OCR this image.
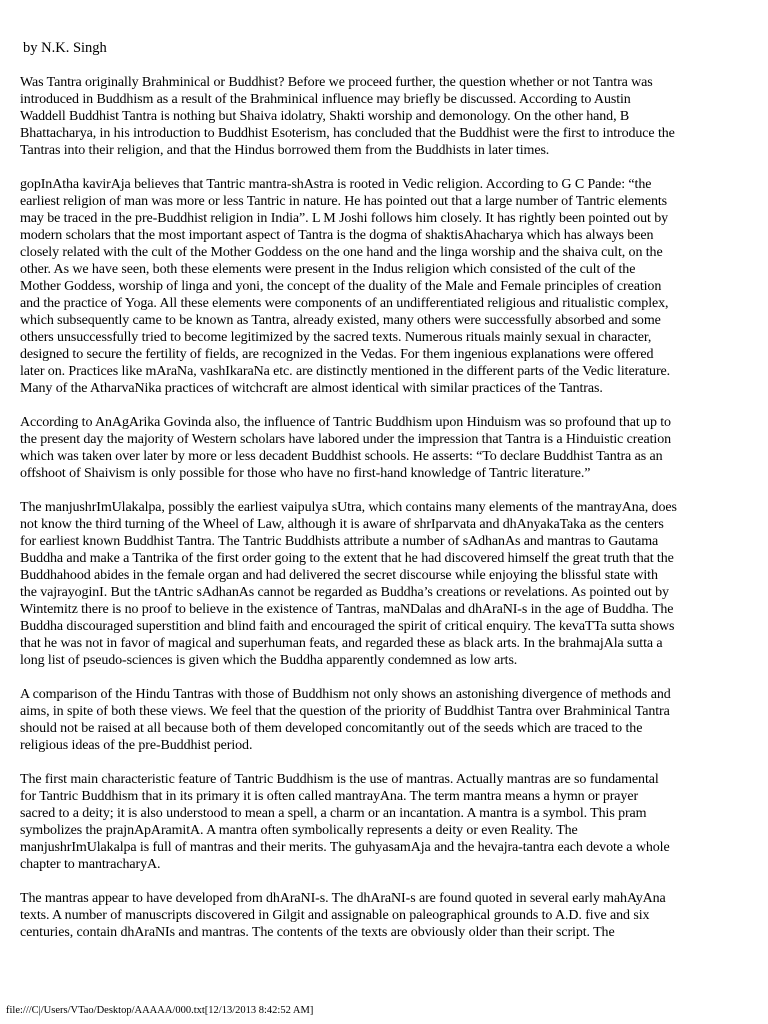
by N.K. Singh
Was Tantra originally Brahminical or Buddhist? Before we proceed further, the question whether or not Tantra was
introduced in Buddhism as a result of the Brahminical influence may briefly be discussed. According to Austin
Waddell Buddhist Tantra is nothing but Shaiva idolatry, Shakti worship and demonology. On the other hand, B
Bhattacharya, in his introduction to Buddhist Esoterism, has concluded that the Buddhist were the first to introduce the
Tantras into their religion, and that the Hindus borrowed them from the Buddhists in later times.
gopInAtha kavirAja believes that Tantric mantra-shAstra is rooted in Vedic religion. According to G C Pande: “the
earliest religion of man was more or less Tantric in nature. He has pointed out that a large number of Tantric elements
may be traced in the pre-Buddhist religion in India”. L M Joshi follows him closely. It has rightly been pointed out by
modern scholars that the most important aspect of Tantra is the dogma of shaktisAhacharya which has always been
closely related with the cult of the Mother Goddess on the one hand and the linga worship and the shaiva cult, on the
other. As we have seen, both these elements were present in the Indus religion which consisted of the cult of the
Mother Goddess, worship of linga and yoni, the concept of the duality of the Male and Female principles of creation
and the practice of Yoga. All these elements were components of an undifferentiated religious and ritualistic complex,
which subsequently came to be known as Tantra, already existed, many others were successfully absorbed and some
others unsuccessfully tried to become legitimized by the sacred texts. Numerous rituals mainly sexual in character,
designed to secure the fertility of fields, are recognized in the Vedas. For them ingenious explanations were offered
later on. Practices like mAraNa, vashIkaraNa etc. are distinctly mentioned in the different parts of the Vedic literature.
Many of the AtharvaNika practices of witchcraft are almost identical with similar practices of the Tantras.
According to AnAgArika Govinda also, the influence of Tantric Buddhism upon Hinduism was so profound that up to
the present day the majority of Western scholars have labored under the impression that Tantra is a Hinduistic creation
which was taken over later by more or less decadent Buddhist schools. He asserts: “To declare Buddhist Tantra as an
offshoot of Shaivism is only possible for those who have no first-hand knowledge of Tantric literature.”
The manjushrImUlakalpa, possibly the earliest vaipulya sUtra, which contains many elements of the mantrayAna, does
not know the third turning of the Wheel of Law, although it is aware of shrIparvata and dhAnyakaTaka as the centers
for earliest known Buddhist Tantra. The Tantric Buddhists attribute a number of sAdhanAs and mantras to Gautama
Buddha and make a Tantrika of the first order going to the extent that he had discovered himself the great truth that the
Buddhahood abides in the female organ and had delivered the secret discourse while enjoying the blissful state with
the vajrayoginI. But the tAntric sAdhanAs cannot be regarded as Buddha’s creations or revelations. As pointed out by
Wintemitz there is no proof to believe in the existence of Tantras, maNDalas and dhAraNI-s in the age of Buddha. The
Buddha discouraged superstition and blind faith and encouraged the spirit of critical enquiry. The kevaTTa sutta shows
that he was not in favor of magical and superhuman feats, and regarded these as black arts. In the brahmajAla sutta a
long list of pseudo-sciences is given which the Buddha apparently condemned as low arts.
A comparison of the Hindu Tantras with those of Buddhism not only shows an astonishing divergence of methods and
aims, in spite of both these views. We feel that the question of the priority of Buddhist Tantra over Brahminical Tantra
should not be raised at all because both of them developed concomitantly out of the seeds which are traced to the
religious ideas of the pre-Buddhist period.
The first main characteristic feature of Tantric Buddhism is the use of mantras. Actually mantras are so fundamental
for Tantric Buddhism that in its primary it is often called mantrayAna. The term mantra means a hymn or prayer
sacred to a deity; it is also understood to mean a spell, a charm or an incantation. A mantra is a symbol. This pram
symbolizes the prajnApAramitA. A mantra often symbolically represents a deity or even Reality. The
manjushrImUlakalpa is full of mantras and their merits. The guhyasamAja and the hevajra-tantra each devote a whole
chapter to mantracharyA.
The mantras appear to have developed from dhAraNI-s. The dhAraNI-s are found quoted in several early mahAyAna
texts. A number of manuscripts discovered in Gilgit and assignable on paleographical grounds to A.D. five and six
centuries, contain dhAraNIs and mantras. The contents of the texts are obviously older than their script. The
file:///C|/Users/VTao/Desktop/AAAAA/000.txt[12/13/2013 8:42:52 AM]
